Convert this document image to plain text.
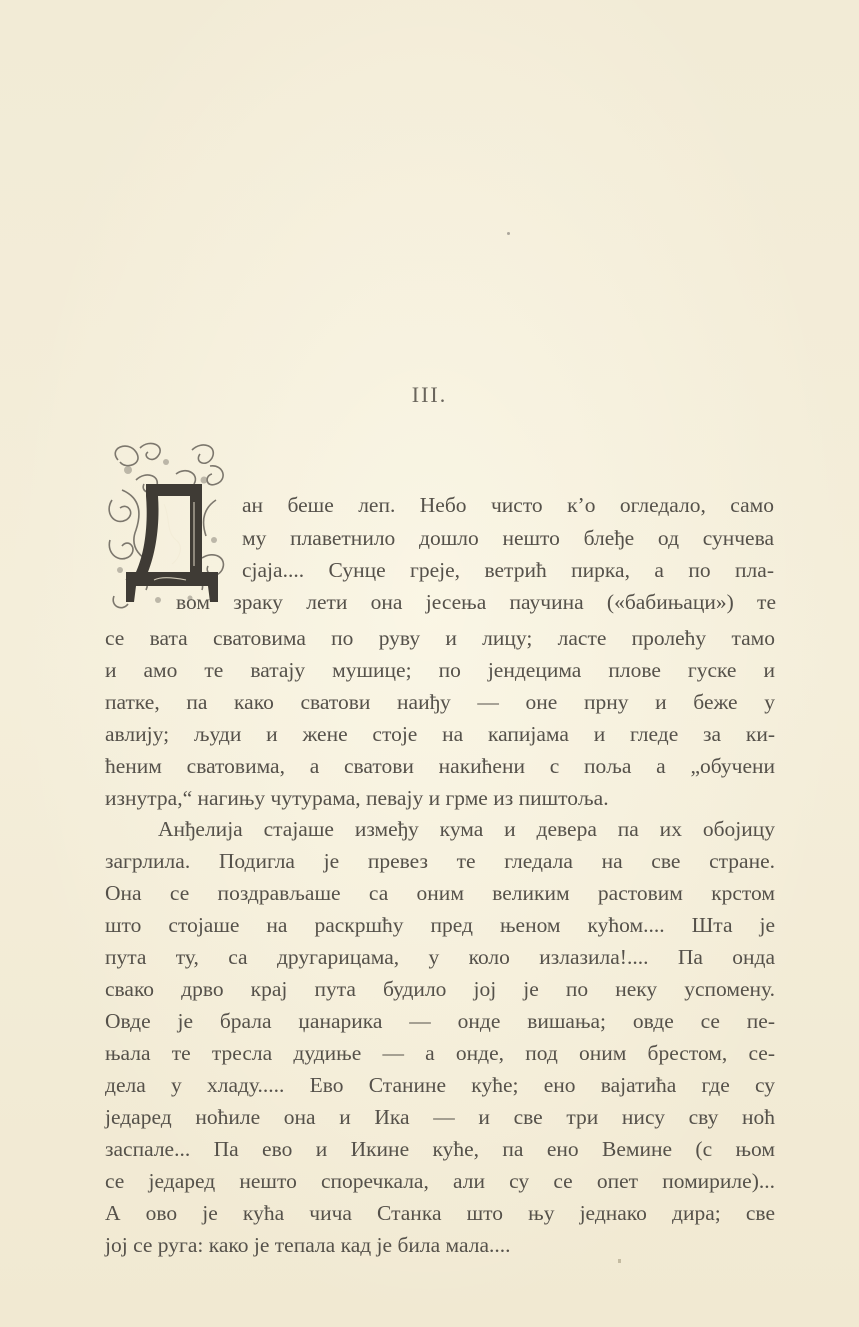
III.
ан беше леп. Небо чисто к’о огледало, само
му плаветнило дошло нешто блеђе од сунчева
сјаја.... Сунце греје, ветрић пирка, а по пла-
вом зраку лети она јесења паучина («бабињаци») те
се вата сватовима по руву и лицу; ласте пролећу тамо
и амо те ватају мушице; по јендецима плове гуске и
патке, па како сватови наиђу — оне прну и беже у
авлију; људи и жене стоје на капијама и гледе за ки-
ћеним сватовима, а сватови накићени с поља а „обучени
изнутра,“ нагињу чутурама, певају и грме из пиштоља.
Анђелија стајаше између кума и девера па их обојицу
загрлила. Подигла је превез те гледала на све стране.
Она се поздрављаше са оним великим растовим крстом
што стојаше на раскршћу пред њеном кућом.... Шта је
пута ту, са другарицама, у коло излазила!.... Па онда
свако дрво крај пута будило јој је по неку успомену.
Овде је брала џанарика — онде вишања; овде се пе-
њала те тресла дудиње — а онде, под оним брестом, се-
дела у хладу..... Ево Станине куће; ено вајатића где су
једаред ноћиле она и Ика — и све три нису сву ноћ
заспале... Па ево и Икине куће, па ено Вемине (с њом
се једаред нешто споречкала, али су се опет помириле)...
А ово је кућа чича Станка што њу једнако дира; све
јој се руга: како је тепала кад је била мала....
